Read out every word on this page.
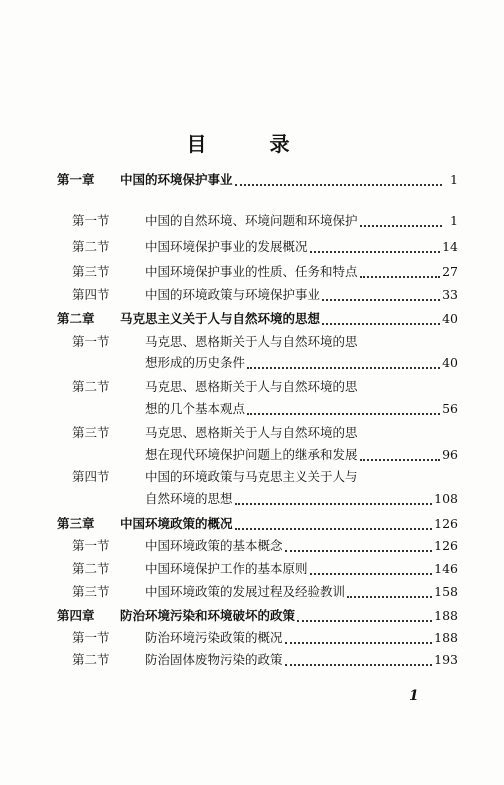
目 录
第一章	中国的环境保护事业	1
第一节	中国的自然环境、环境问题和环境保护	1
第二节	中国环境保护事业的发展概况	14
第三节	中国环境保护事业的性质、任务和特点	27
第四节	中国的环境政策与环境保护事业	33
第二章	马克思主义关于人与自然环境的思想	40
第一节	马克思、恩格斯关于人与自然环境的思
想形成的历史条件	40
第二节	马克思、恩格斯关于人与自然环境的思
想的几个基本观点	56
第三节	马克思、恩格斯关于人与自然环境的思
想在现代环境保护问题上的继承和发展	96
第四节	中国的环境政策与马克思主义关于人与
自然环境的思想	108
第三章	中国环境政策的概况	126
第一节	中国环境政策的基本概念	126
第二节	中国环境保护工作的基本原则	146
第三节	中国环境政策的发展过程及经验教训	158
第四章	防治环境污染和环境破坏的政策	188
第一节	防治环境污染政策的概况	188
第二节	防治固体废物污染的政策	193
1
